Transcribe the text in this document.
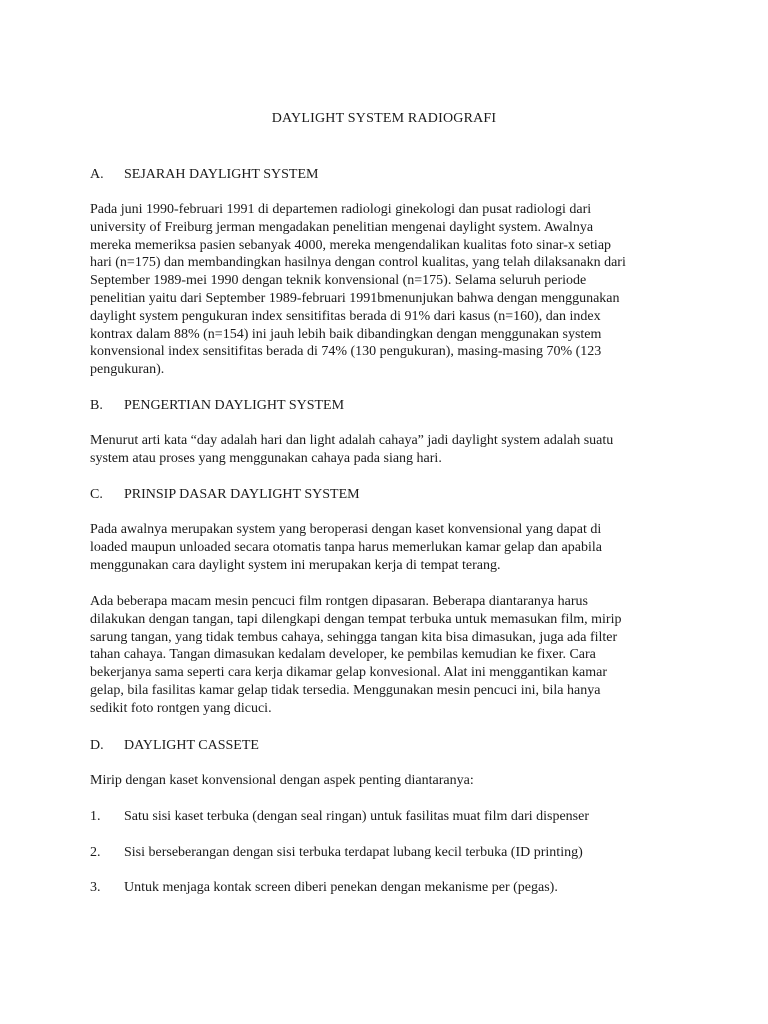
DAYLIGHT SYSTEM RADIOGRAFI
A. SEJARAH DAYLIGHT SYSTEM
Pada juni 1990-februari 1991 di departemen radiologi ginekologi dan pusat radiologi dari
university of Freiburg jerman mengadakan penelitian mengenai daylight system. Awalnya
mereka memeriksa pasien sebanyak 4000, mereka mengendalikan kualitas foto sinar-x setiap
hari (n=175) dan membandingkan hasilnya dengan control kualitas, yang telah dilaksanakn dari
September 1989-mei 1990 dengan teknik konvensional (n=175). Selama seluruh periode
penelitian yaitu dari September 1989-februari 1991bmenunjukan bahwa dengan menggunakan
daylight system pengukuran index sensitifitas berada di 91% dari kasus (n=160), dan index
kontrax dalam 88% (n=154) ini jauh lebih baik dibandingkan dengan menggunakan system
konvensional index sensitifitas berada di 74% (130 pengukuran), masing-masing 70% (123
pengukuran).
B. PENGERTIAN DAYLIGHT SYSTEM
Menurut arti kata “day adalah hari dan light adalah cahaya” jadi daylight system adalah suatu
system atau proses yang menggunakan cahaya pada siang hari.
C. PRINSIP DASAR DAYLIGHT SYSTEM
Pada awalnya merupakan system yang beroperasi dengan kaset konvensional yang dapat di
loaded maupun unloaded secara otomatis tanpa harus memerlukan kamar gelap dan apabila
menggunakan cara daylight system ini merupakan kerja di tempat terang.
Ada beberapa macam mesin pencuci film rontgen dipasaran. Beberapa diantaranya harus
dilakukan dengan tangan, tapi dilengkapi dengan tempat terbuka untuk memasukan film, mirip
sarung tangan, yang tidak tembus cahaya, sehingga tangan kita bisa dimasukan, juga ada filter
tahan cahaya. Tangan dimasukan kedalam developer, ke pembilas kemudian ke fixer. Cara
bekerjanya sama seperti cara kerja dikamar gelap konvesional. Alat ini menggantikan kamar
gelap, bila fasilitas kamar gelap tidak tersedia. Menggunakan mesin pencuci ini, bila hanya
sedikit foto rontgen yang dicuci.
D. DAYLIGHT CASSETE
Mirip dengan kaset konvensional dengan aspek penting diantaranya:
1. Satu sisi kaset terbuka (dengan seal ringan) untuk fasilitas muat film dari dispenser
2. Sisi berseberangan dengan sisi terbuka terdapat lubang kecil terbuka (ID printing)
3. Untuk menjaga kontak screen diberi penekan dengan mekanisme per (pegas).
